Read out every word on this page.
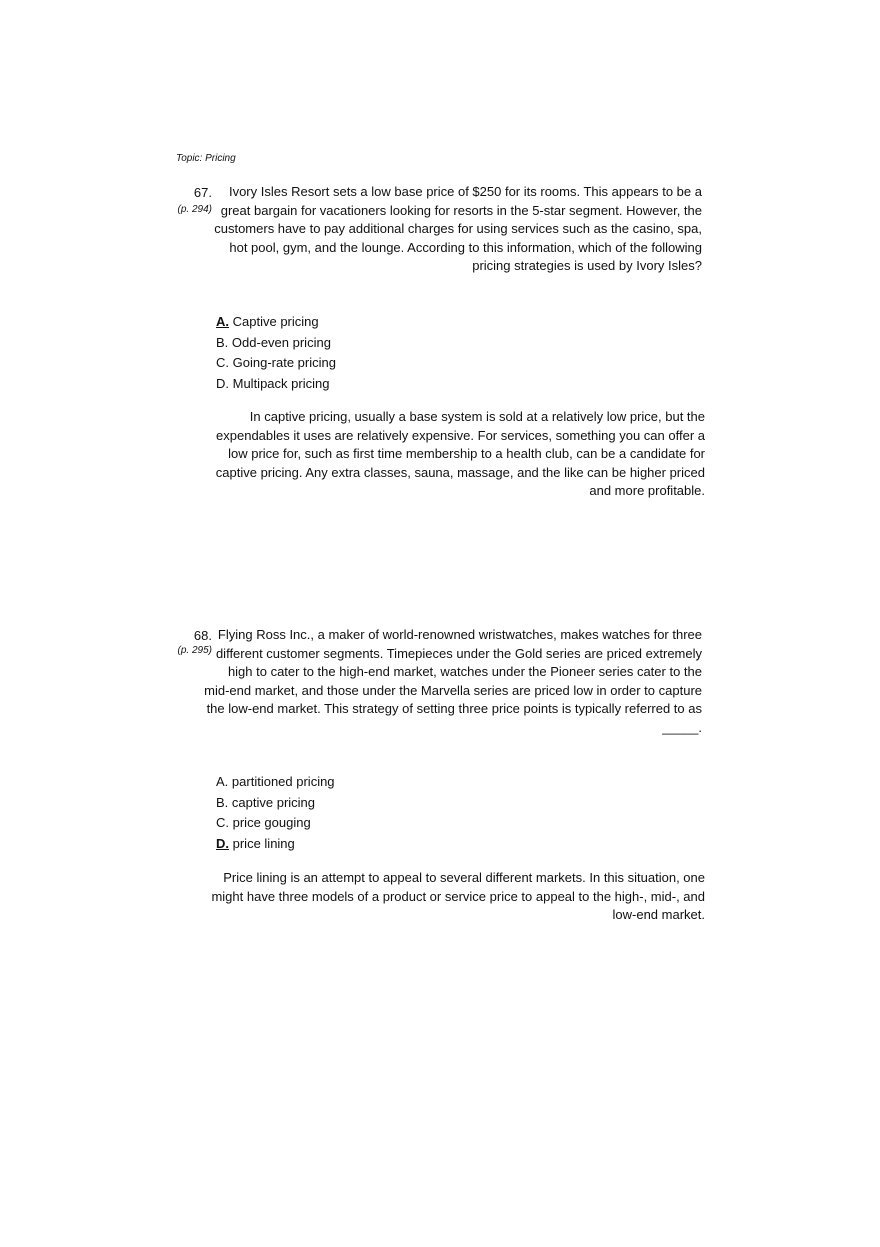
Topic: Pricing
67.
(p. 294)
Ivory Isles Resort sets a low base price of $250 for its rooms. This appears to be a
great bargain for vacationers looking for resorts in the 5-star segment. However, the
customers have to pay additional charges for using services such as the casino, spa,
hot pool, gym, and the lounge. According to this information, which of the following
pricing strategies is used by Ivory Isles?
A. Captive pricing
B. Odd-even pricing
C. Going-rate pricing
D. Multipack pricing
In captive pricing, usually a base system is sold at a relatively low price, but the
expendables it uses are relatively expensive. For services, something you can offer a
low price for, such as first time membership to a health club, can be a candidate for
captive pricing. Any extra classes, sauna, massage, and the like can be higher priced
and more profitable.
68.
(p. 295)
Flying Ross Inc., a maker of world-renowned wristwatches, makes watches for three
different customer segments. Timepieces under the Gold series are priced extremely
high to cater to the high-end market, watches under the Pioneer series cater to the
mid-end market, and those under the Marvella series are priced low in order to capture
the low-end market. This strategy of setting three price points is typically referred to as
_____.
A. partitioned pricing
B. captive pricing
C. price gouging
D. price lining
Price lining is an attempt to appeal to several different markets. In this situation, one
might have three models of a product or service price to appeal to the high-, mid-, and
low-end market.
